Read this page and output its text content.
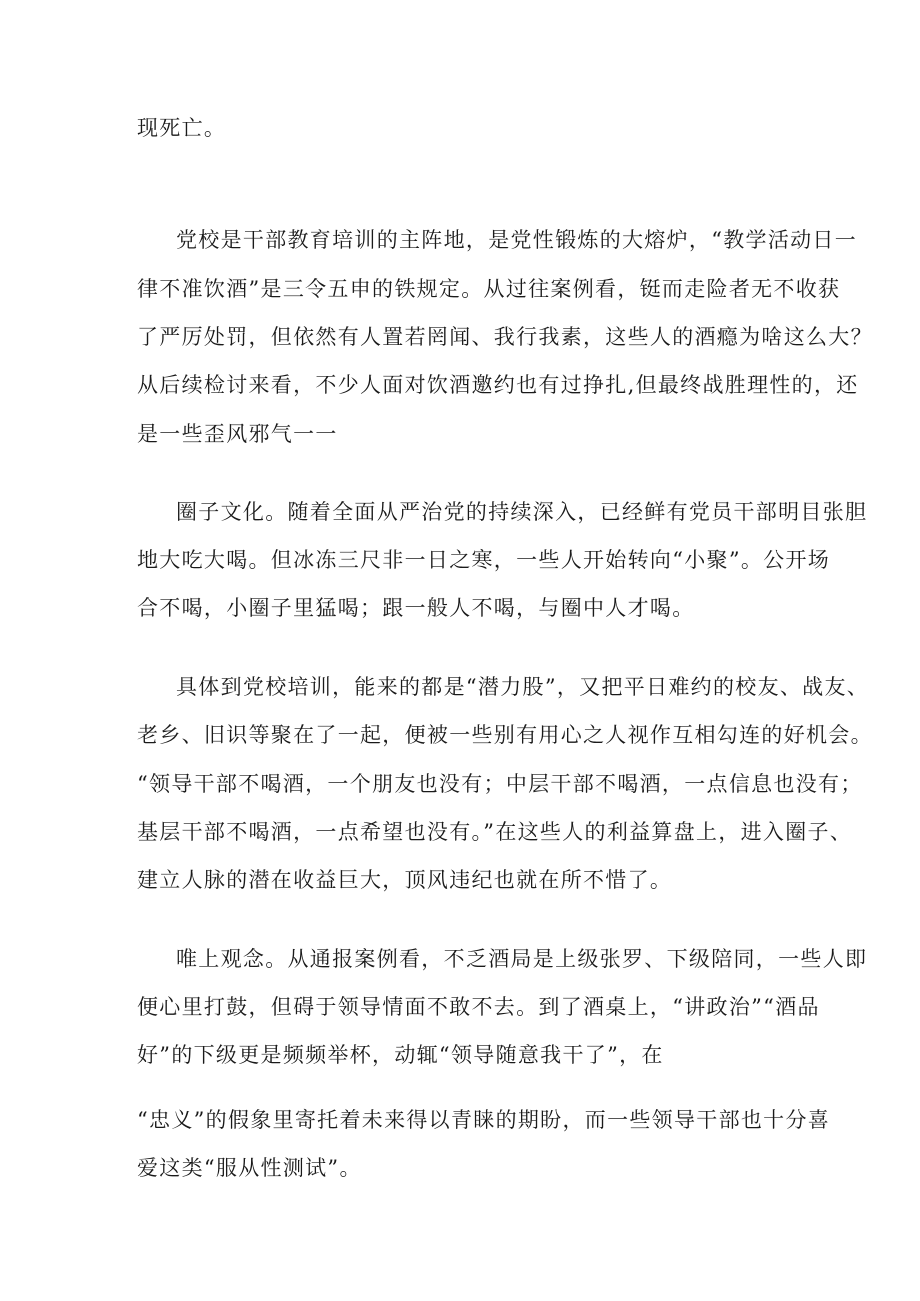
现死亡。
党校是干部教育培训的主阵地，是党性锻炼的大熔炉，“教学活动日一
律不准饮酒”是三令五申的铁规定。从过往案例看，铤而走险者无不收获
了严厉处罚，但依然有人置若罔闻、我行我素，这些人的酒瘾为啥这么大？
从后续检讨来看，不少人面对饮酒邀约也有过挣扎,但最终战胜理性的，还
是一些歪风邪气一一
圈子文化。随着全面从严治党的持续深入，已经鲜有党员干部明目张胆
地大吃大喝。但冰冻三尺非一日之寒，一些人开始转向“小聚”。公开场
合不喝，小圈子里猛喝；跟一般人不喝，与圈中人才喝。
具体到党校培训，能来的都是“潜力股”，又把平日难约的校友、战友、
老乡、旧识等聚在了一起，便被一些别有用心之人视作互相勾连的好机会。
“领导干部不喝酒，一个朋友也没有；中层干部不喝酒，一点信息也没有；
基层干部不喝酒，一点希望也没有。”在这些人的利益算盘上，进入圈子、
建立人脉的潜在收益巨大，顶风违纪也就在所不惜了。
唯上观念。从通报案例看，不乏酒局是上级张罗、下级陪同，一些人即
便心里打鼓，但碍于领导情面不敢不去。到了酒桌上，“讲政治”“酒品
好”的下级更是频频举杯，动辄“领导随意我干了”，在
“忠义”的假象里寄托着未来得以青睐的期盼，而一些领导干部也十分喜
爱这类“服从性测试”。
